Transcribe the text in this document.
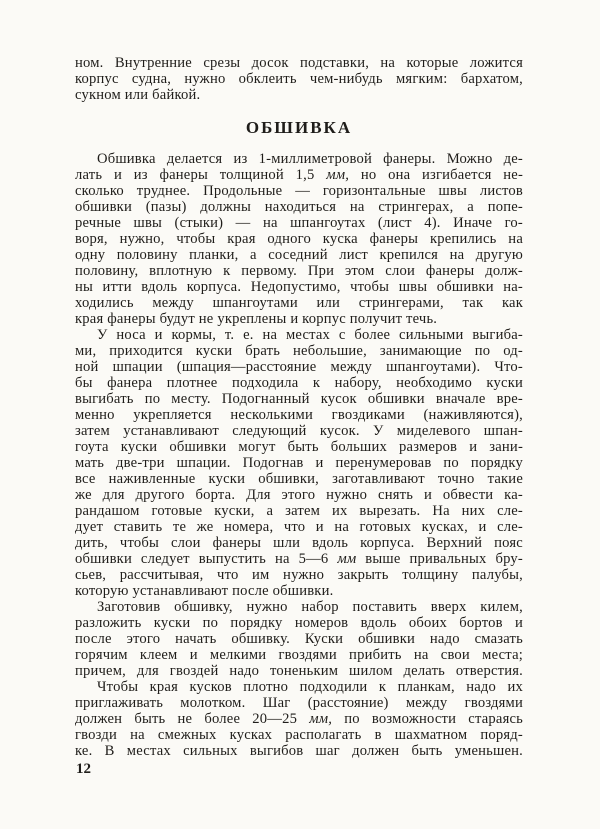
ном. Внутренние срезы досок подставки, на которые ложится
корпус судна, нужно обклеить чем-нибудь мягким: бархатом,
сукном или байкой.
ОБШИВКА
Обшивка делается из 1-миллиметровой фанеры. Можно де-
лать и из фанеры толщиной 1,5 мм, но она изгибается не-
сколько труднее. Продольные — горизонтальные швы листов
обшивки (пазы) должны находиться на стрингерах, а попе-
речные швы (стыки) — на шпангоутах (лист 4). Иначе го-
воря, нужно, чтобы края одного куска фанеры крепились на
одну половину планки, а соседний лист крепился на другую
половину, вплотную к первому. При этом слои фанеры долж-
ны итти вдоль корпуса. Недопустимо, чтобы швы обшивки на-
ходились между шпангоутами или стрингерами, так как
края фанеры будут не укреплены и корпус получит течь.
У носа и кормы, т. е. на местах с более сильными выгиба-
ми, приходится куски брать небольшие, занимающие по од-
ной шпации (шпация—расстояние между шпангоутами). Что-
бы фанера плотнее подходила к набору, необходимо куски
выгибать по месту. Подогнанный кусок обшивки вначале вре-
менно укрепляется несколькими гвоздиками (наживляются),
затем устанавливают следующий кусок. У миделевого шпан-
гоута куски обшивки могут быть больших размеров и зани-
мать две-три шпации. Подогнав и перенумеровав по порядку
все наживленные куски обшивки, заготавливают точно такие
же для другого борта. Для этого нужно снять и обвести ка-
рандашом готовые куски, а затем их вырезать. На них сле-
дует ставить те же номера, что и на готовых кусках, и сле-
дить, чтобы слои фанеры шли вдоль корпуса. Верхний пояс
обшивки следует выпустить на 5—6 мм выше привальных бру-
сьев, рассчитывая, что им нужно закрыть толщину палубы,
которую устанавливают после обшивки.
Заготовив обшивку, нужно набор поставить вверх килем,
разложить куски по порядку номеров вдоль обоих бортов и
после этого начать обшивку. Куски обшивки надо смазать
горячим клеем и мелкими гвоздями прибить на свои места;
причем, для гвоздей надо тоненьким шилом делать отверстия.
Чтобы края кусков плотно подходили к планкам, надо их
приглаживать молотком. Шаг (расстояние) между гвоздями
должен быть не более 20—25 мм, по возможности стараясь
гвозди на смежных кусках располагать в шахматном поряд-
ке. В местах сильных выгибов шаг должен быть уменьшен.
12
